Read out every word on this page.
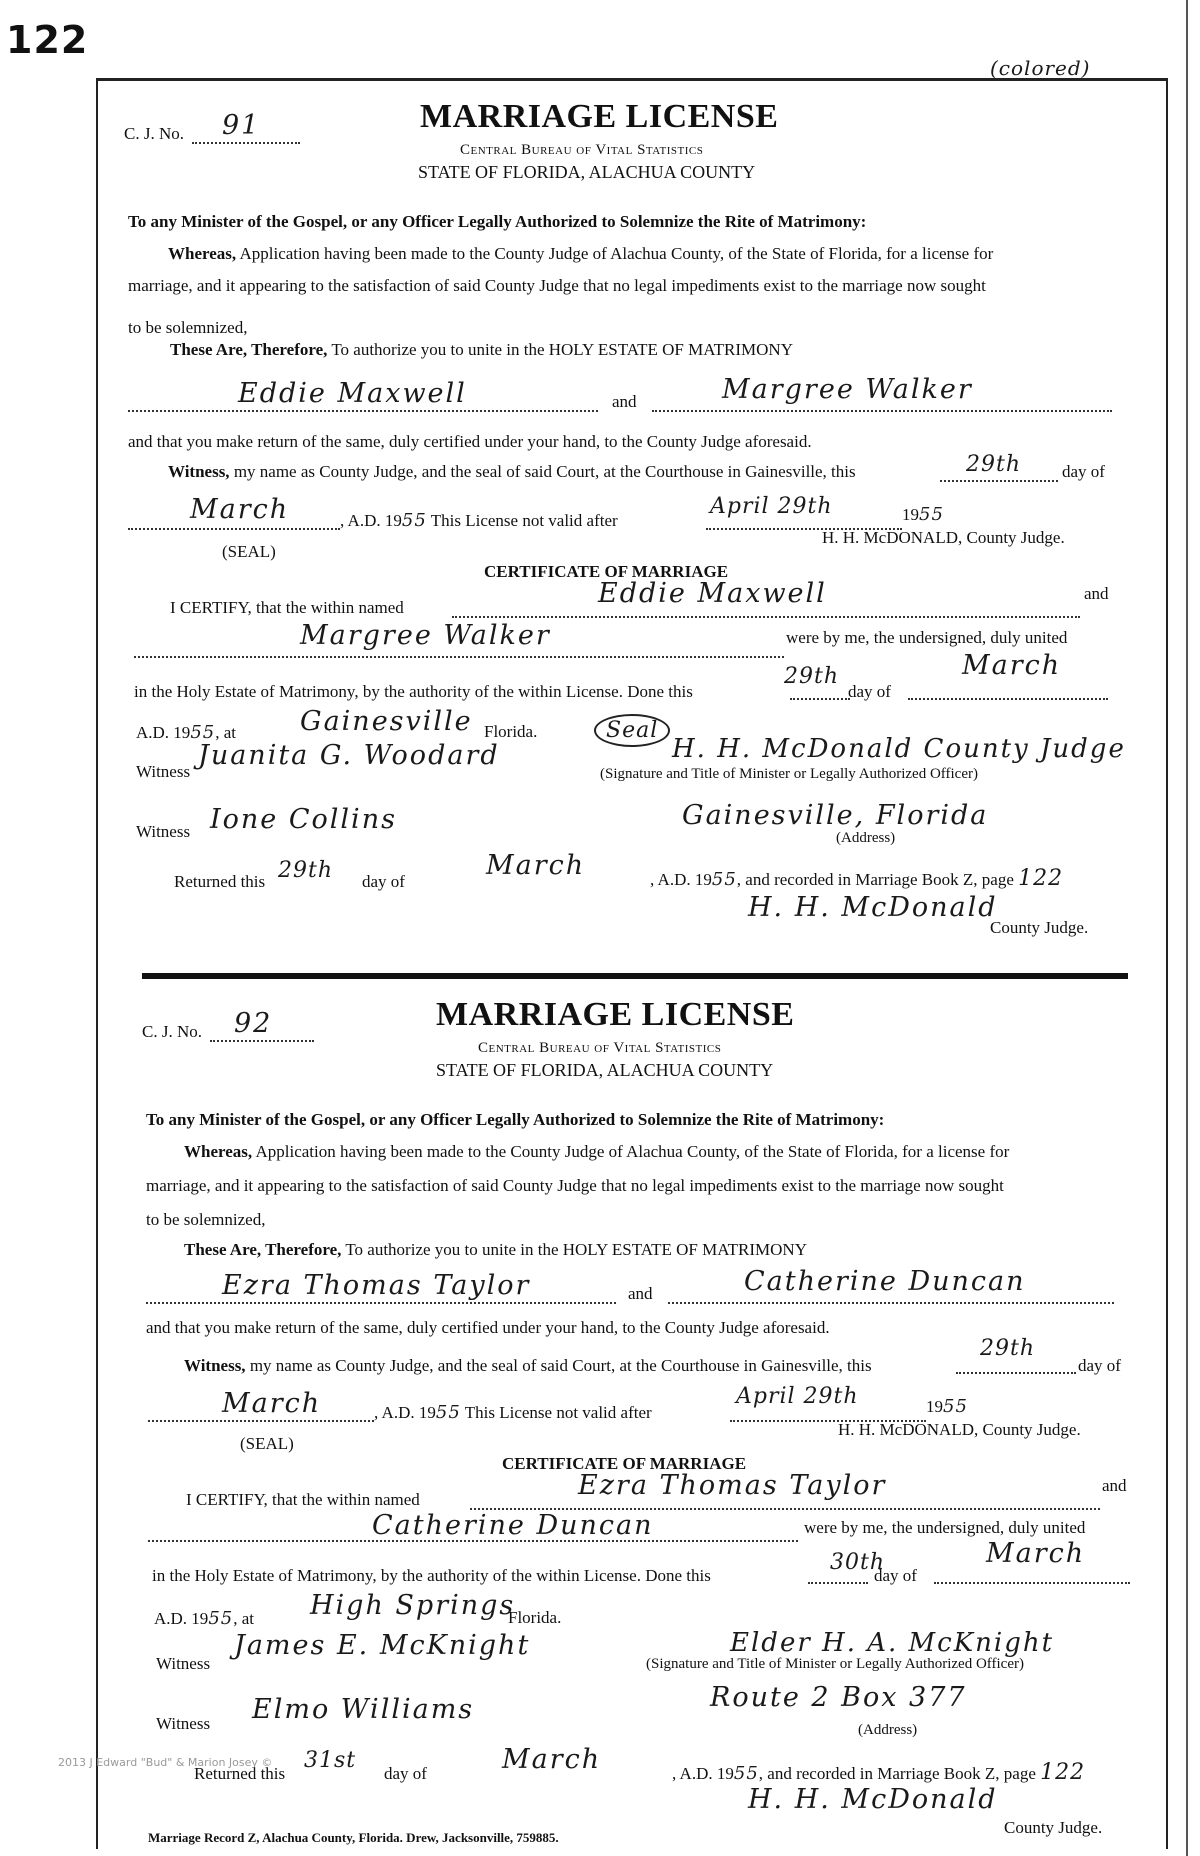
122
(colored)
C. J. No. 91	MARRIAGE LICENSE
Central Bureau of Vital Statistics
STATE OF FLORIDA, ALACHUA COUNTY
To any Minister of the Gospel, or any Officer Legally Authorized to Solemnize the Rite of Matrimony:
Whereas, Application having been made to the County Judge of Alachua County, of the State of Florida, for a license for
marriage, and it appearing to the satisfaction of said County Judge that no legal impediments exist to the marriage now sought
to be solemnized,
These Are, Therefore, To authorize you to unite in the HOLY ESTATE OF MATRIMONY
Eddie Maxwell	and	Margree Walker
and that you make return of the same, duly certified under your hand, to the County Judge aforesaid.
Witness, my name as County Judge, and the seal of said Court, at the Courthouse in Gainesville, this	29th day of
March	, A.D. 1955 This License not valid after
April 29th	1955
(SEAL)
H. H. McDONALD, County Judge.
CERTIFICATE OF MARRIAGE
I CERTIFY, that the within named	Eddie Maxwell	and
Margree Walker	were by me, the undersigned, duly united
in the Holy Estate of Matrimony, by the authority of the within License. Done this
29th
day of
March
A.D. 1955, at Gainesville Florida.
Witness
Juanita G. Woodard
Seal
H. H. McDonald County Judge
(Signature and Title of Minister or Legally Authorized Officer)
Witness Ione Collins	Gainesville, Florida
(Address)
Returned this 29th day of
March	, A.D. 1955, and recorded in Marriage Book Z, page 122
H. H. McDonald
County Judge.
C. J. No. 92	MARRIAGE LICENSE
Central Bureau of Vital Statistics
STATE OF FLORIDA, ALACHUA COUNTY
To any Minister of the Gospel, or any Officer Legally Authorized to Solemnize the Rite of Matrimony:
Whereas, Application having been made to the County Judge of Alachua County, of the State of Florida, for a license for
marriage, and it appearing to the satisfaction of said County Judge that no legal impediments exist to the marriage now sought
to be solemnized,
These Are, Therefore, To authorize you to unite in the HOLY ESTATE OF MATRIMONY
Ezra Thomas Taylor	and	Catherine Duncan
and that you make return of the same, duly certified under your hand, to the County Judge aforesaid.
Witness, my name as County Judge, and the seal of said Court, at the Courthouse in Gainesville, this
29th
day of
March	, A.D. 1955 This License not valid after
April 29th	1955
(SEAL)
H. H. McDONALD, County Judge.
CERTIFICATE OF MARRIAGE
I CERTIFY, that the within named	Ezra Thomas Taylor	and
Catherine Duncan	were by me, the undersigned, duly united
in the Holy Estate of Matrimony, by the authority of the within License. Done this
30th
day of
March
A.D. 1955, at High Springs
Florida.
Witness
James E. McKnight	Elder H. A. McKnight
(Signature and Title of Minister or Legally Authorized Officer)
Witness Elmo Williams	Route 2 Box 377
(Address)
Returned this
31st
day of	March	, A.D. 1955, and recorded in Marriage Book Z, page 122
H. H. McDonald
County Judge.
2013 J Edward "Bud" & Marion Josey ©
Marriage Record Z, Alachua County, Florida. Drew, Jacksonville, 759885.
